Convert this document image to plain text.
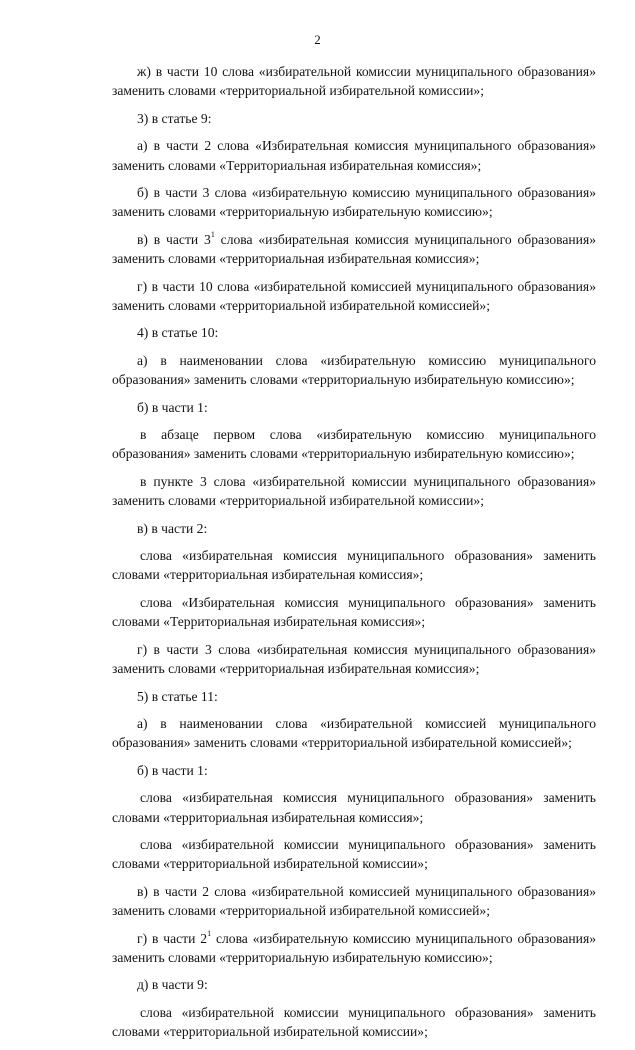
2

ж) в части 10 слова «избирательной комиссии муниципального образования» заменить словами «территориальной избирательной комиссии»;

3) в статье 9:

а) в части 2 слова «Избирательная комиссия муниципального образования» заменить словами «Территориальная избирательная комиссия»;

б) в части 3 слова «избирательную комиссию муниципального образования» заменить словами «территориальную избирательную комиссию»;

в) в части $3^1$ слова «избирательная комиссия муниципального образования» заменить словами «территориальная избирательная комиссия»;

г) в части 10 слова «избирательной комиссией муниципального образования» заменить словами «территориальной избирательной комиссией»;

4) в статье 10:

а) в наименовании слова «избирательную комиссию муниципального образования» заменить словами «территориальную избирательную комиссию»;

б) в части 1:

в абзаце первом слова «избирательную комиссию муниципального образования» заменить словами «территориальную избирательную комиссию»;

в пункте 3 слова «избирательной комиссии муниципального образования» заменить словами «территориальной избирательной комиссии»;

в) в части 2:

слова «избирательная комиссия муниципального образования» заменить словами «территориальная избирательная комиссия»;

слова «Избирательная комиссия муниципального образования» заменить словами «Территориальная избирательная комиссия»;

г) в части 3 слова «избирательная комиссия муниципального образования» заменить словами «территориальная избирательная комиссия»;

5) в статье 11:

а) в наименовании слова «избирательной комиссией муниципального образования» заменить словами «территориальной избирательной комиссией»;

б) в части 1:

слова «избирательная комиссия муниципального образования» заменить словами «территориальная избирательная комиссия»;

слова «избирательной комиссии муниципального образования» заменить словами «территориальной избирательной комиссии»;

в) в части 2 слова «избирательной комиссией муниципального образования» заменить словами «территориальной избирательной комиссией»;

г) в части $2^1$ слова «избирательную комиссию муниципального образования» заменить словами «территориальную избирательную комиссию»;

д) в части 9:

слова «избирательной комиссии муниципального образования» заменить словами «территориальной избирательной комиссии»;
